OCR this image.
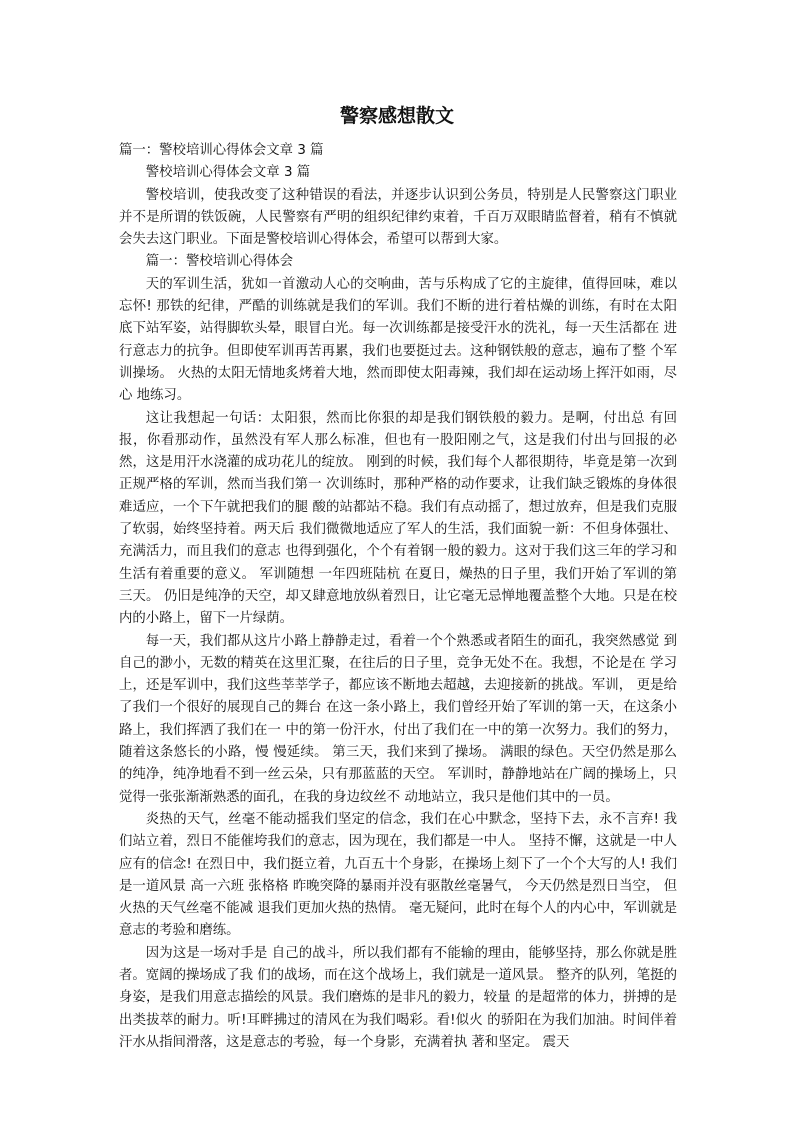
警察感想散文

篇一：警校培训心得体会文章 3 篇

警校培训心得体会文章 3 篇

警校培训，使我改变了这种错误的看法，并逐步认识到公务员，特别是人民警察这门职业并不是所谓的铁饭碗，人民警察有严明的组织纪律约束着，千百万双眼睛监督着，稍有不慎就会失去这门职业。下面是警校培训心得体会，希望可以帮到大家。

篇一：警校培训心得体会

天的军训生活，犹如一首激动人心的交响曲，苦与乐构成了它的主旋律，值得回味，难以 忘怀! 那铁的纪律，严酷的训练就是我们的军训。我们不断的进行着枯燥的训练，有时在太阳 底下站军姿，站得脚软头晕，眼冒白光。每一次训练都是接受汗水的洗礼，每一天生活都在 进行意志力的抗争。但即使军训再苦再累，我们也要挺过去。这种钢铁般的意志，遍布了整 个军训操场。 火热的太阳无情地炙烤着大地，然而即使太阳毒辣，我们却在运动场上挥汗如雨，尽心 地练习。

这让我想起一句话：太阳狠，然而比你狠的却是我们钢铁般的毅力。是啊，付出总 有回报，你看那动作，虽然没有军人那么标准，但也有一股阳刚之气，这是我们付出与回报的必然，这是用汗水浇灌的成功花儿的绽放。 刚到的时候，我们每个人都很期待，毕竟是第一次到正规严格的军训，然而当我们第一 次训练时，那种严格的动作要求，让我们缺乏锻炼的身体很难适应，一个下午就把我们的腿 酸的站都站不稳。我们有点动摇了，想过放弃，但是我们克服了软弱，始终坚持着。两天后 我们微微地适应了军人的生活，我们面貌一新：不但身体强壮、充满活力，而且我们的意志 也得到强化，个个有着钢一般的毅力。这对于我们这三年的学习和生活有着重要的意义。 军训随想 一年四班陆杭 在夏日，燥热的日子里，我们开始了军训的第三天。 仍旧是纯净的天空，却又肆意地放纵着烈日，让它毫无忌惮地覆盖整个大地。只是在校 内的小路上，留下一片绿荫。

每一天，我们都从这片小路上静静走过，看着一个个熟悉或者陌生的面孔，我突然感觉 到自己的渺小，无数的精英在这里汇聚，在往后的日子里，竞争无处不在。我想，不论是在 学习上，还是军训中，我们这些莘莘学子，都应该不断地去超越，去迎接新的挑战。军训， 更是给了我们一个很好的展现自己的舞台 在这一条小路上，我们曾经开始了军训的第一天，在这条小路上，我们挥洒了我们在一 中的第一份汗水，付出了我们在一中的第一次努力。我们的努力，随着这条悠长的小路，慢 慢延续。 第三天，我们来到了操场。 满眼的绿色。天空仍然是那么的纯净，纯净地看不到一丝云朵，只有那蓝蓝的天空。 军训时，静静地站在广阔的操场上，只觉得一张张渐渐熟悉的面孔，在我的身边纹丝不 动地站立，我只是他们其中的一员。

炎热的天气，丝毫不能动摇我们坚定的信念，我们在心中默念，坚持下去，永不言弃! 我们站立着，烈日不能催垮我们的意志，因为现在，我们都是一中人。 坚持不懈，这就是一中人应有的信念! 在烈日中，我们挺立着，九百五十个身影，在操场上刻下了一个个大写的人! 我们是一道风景 高一六班 张格格 昨晚突降的暴雨并没有驱散丝毫暑气， 今天仍然是烈日当空， 但火热的天气丝毫不能减 退我们更加火热的热情。 毫无疑问，此时在每个人的内心中，军训就是意志的考验和磨练。

因为这是一场对手是 自己的战斗，所以我们都有不能输的理由，能够坚持，那么你就是胜者。宽阔的操场成了我 们的战场，而在这个战场上，我们就是一道风景。 整齐的队列，笔挺的身姿，是我们用意志描绘的风景。我们磨炼的是非凡的毅力，较量 的是超常的体力，拼搏的是出类拔萃的耐力。听!耳畔拂过的清风在为我们喝彩。看!似火 的骄阳在为我们加油。时间伴着汗水从指间滑落，这是意志的考验，每一个身影，充满着执 著和坚定。 震天
